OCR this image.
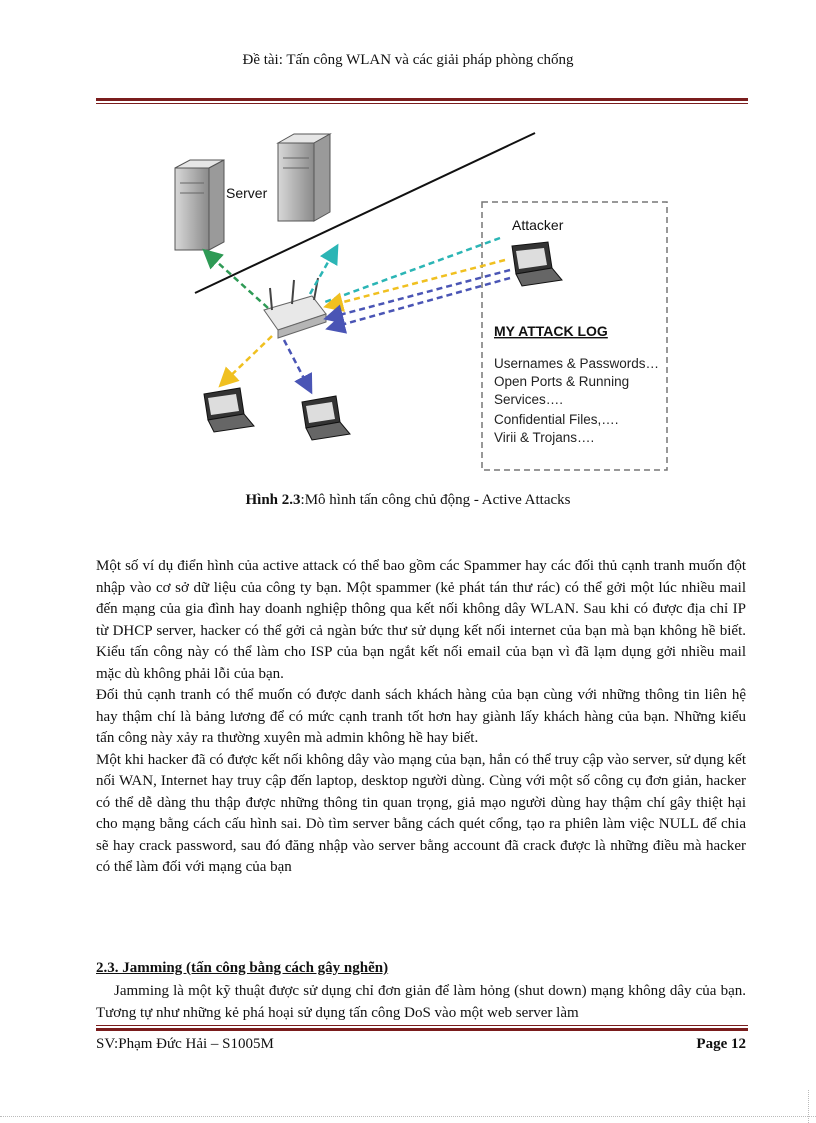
Đề tài: Tấn công WLAN và các giải pháp phòng chống
Server
Attacker
MY ATTACK LOG
Usernames & Passwords…
Open Ports & Running
Services….
Confidential Files,….
Virii & Trojans….
Hình 2.3:Mô hình tấn công chủ động - Active Attacks

Một số ví dụ điển hình của active attack có thể bao gồm các Spammer hay các đối thủ cạnh tranh muốn đột nhập vào cơ sở dữ liệu của công ty bạn. Một spammer (kẻ phát tán thư rác) có thể gởi một lúc nhiều mail đến mạng của gia đình hay doanh nghiệp thông qua kết nối không dây WLAN. Sau khi có được địa chỉ IP từ DHCP server, hacker có thể gởi cả ngàn bức thư sử dụng kết nối internet của bạn mà bạn không hề biết. Kiểu tấn công này có thể làm cho ISP của bạn ngắt kết nối email của bạn vì đã lạm dụng gởi nhiều mail mặc dù không phải lỗi của bạn.

Đối thủ cạnh tranh có thể muốn có được danh sách khách hàng của bạn cùng với những thông tin liên hệ hay thậm chí là bảng lương để có mức cạnh tranh tốt hơn hay giành lấy khách hàng của bạn. Những kiểu tấn công này xảy ra thường xuyên mà admin không hề hay biết.

Một khi hacker đã có được kết nối không dây vào mạng của bạn, hắn có thể truy cập vào server, sử dụng kết nối WAN, Internet hay truy cập đến laptop, desktop người dùng. Cùng với một số công cụ đơn giản, hacker có thể dễ dàng thu thập được những thông tin quan trọng, giả mạo người dùng hay thậm chí gây thiệt hại cho mạng bằng cách cấu hình sai. Dò tìm server bằng cách quét cổng, tạo ra phiên làm việc NULL để chia sẽ hay crack password, sau đó đăng nhập vào server bằng account đã crack được là những điều mà hacker có thể làm đối với mạng của bạn

2.3. Jamming (tấn công bằng cách gây nghẽn)
Jamming là một kỹ thuật được sử dụng chỉ đơn giản để làm hỏng (shut down) mạng không dây của bạn. Tương tự như những kẻ phá hoại sử dụng tấn công DoS vào một web server làm
SV:Phạm Đức Hải – S1005M	Page 12
